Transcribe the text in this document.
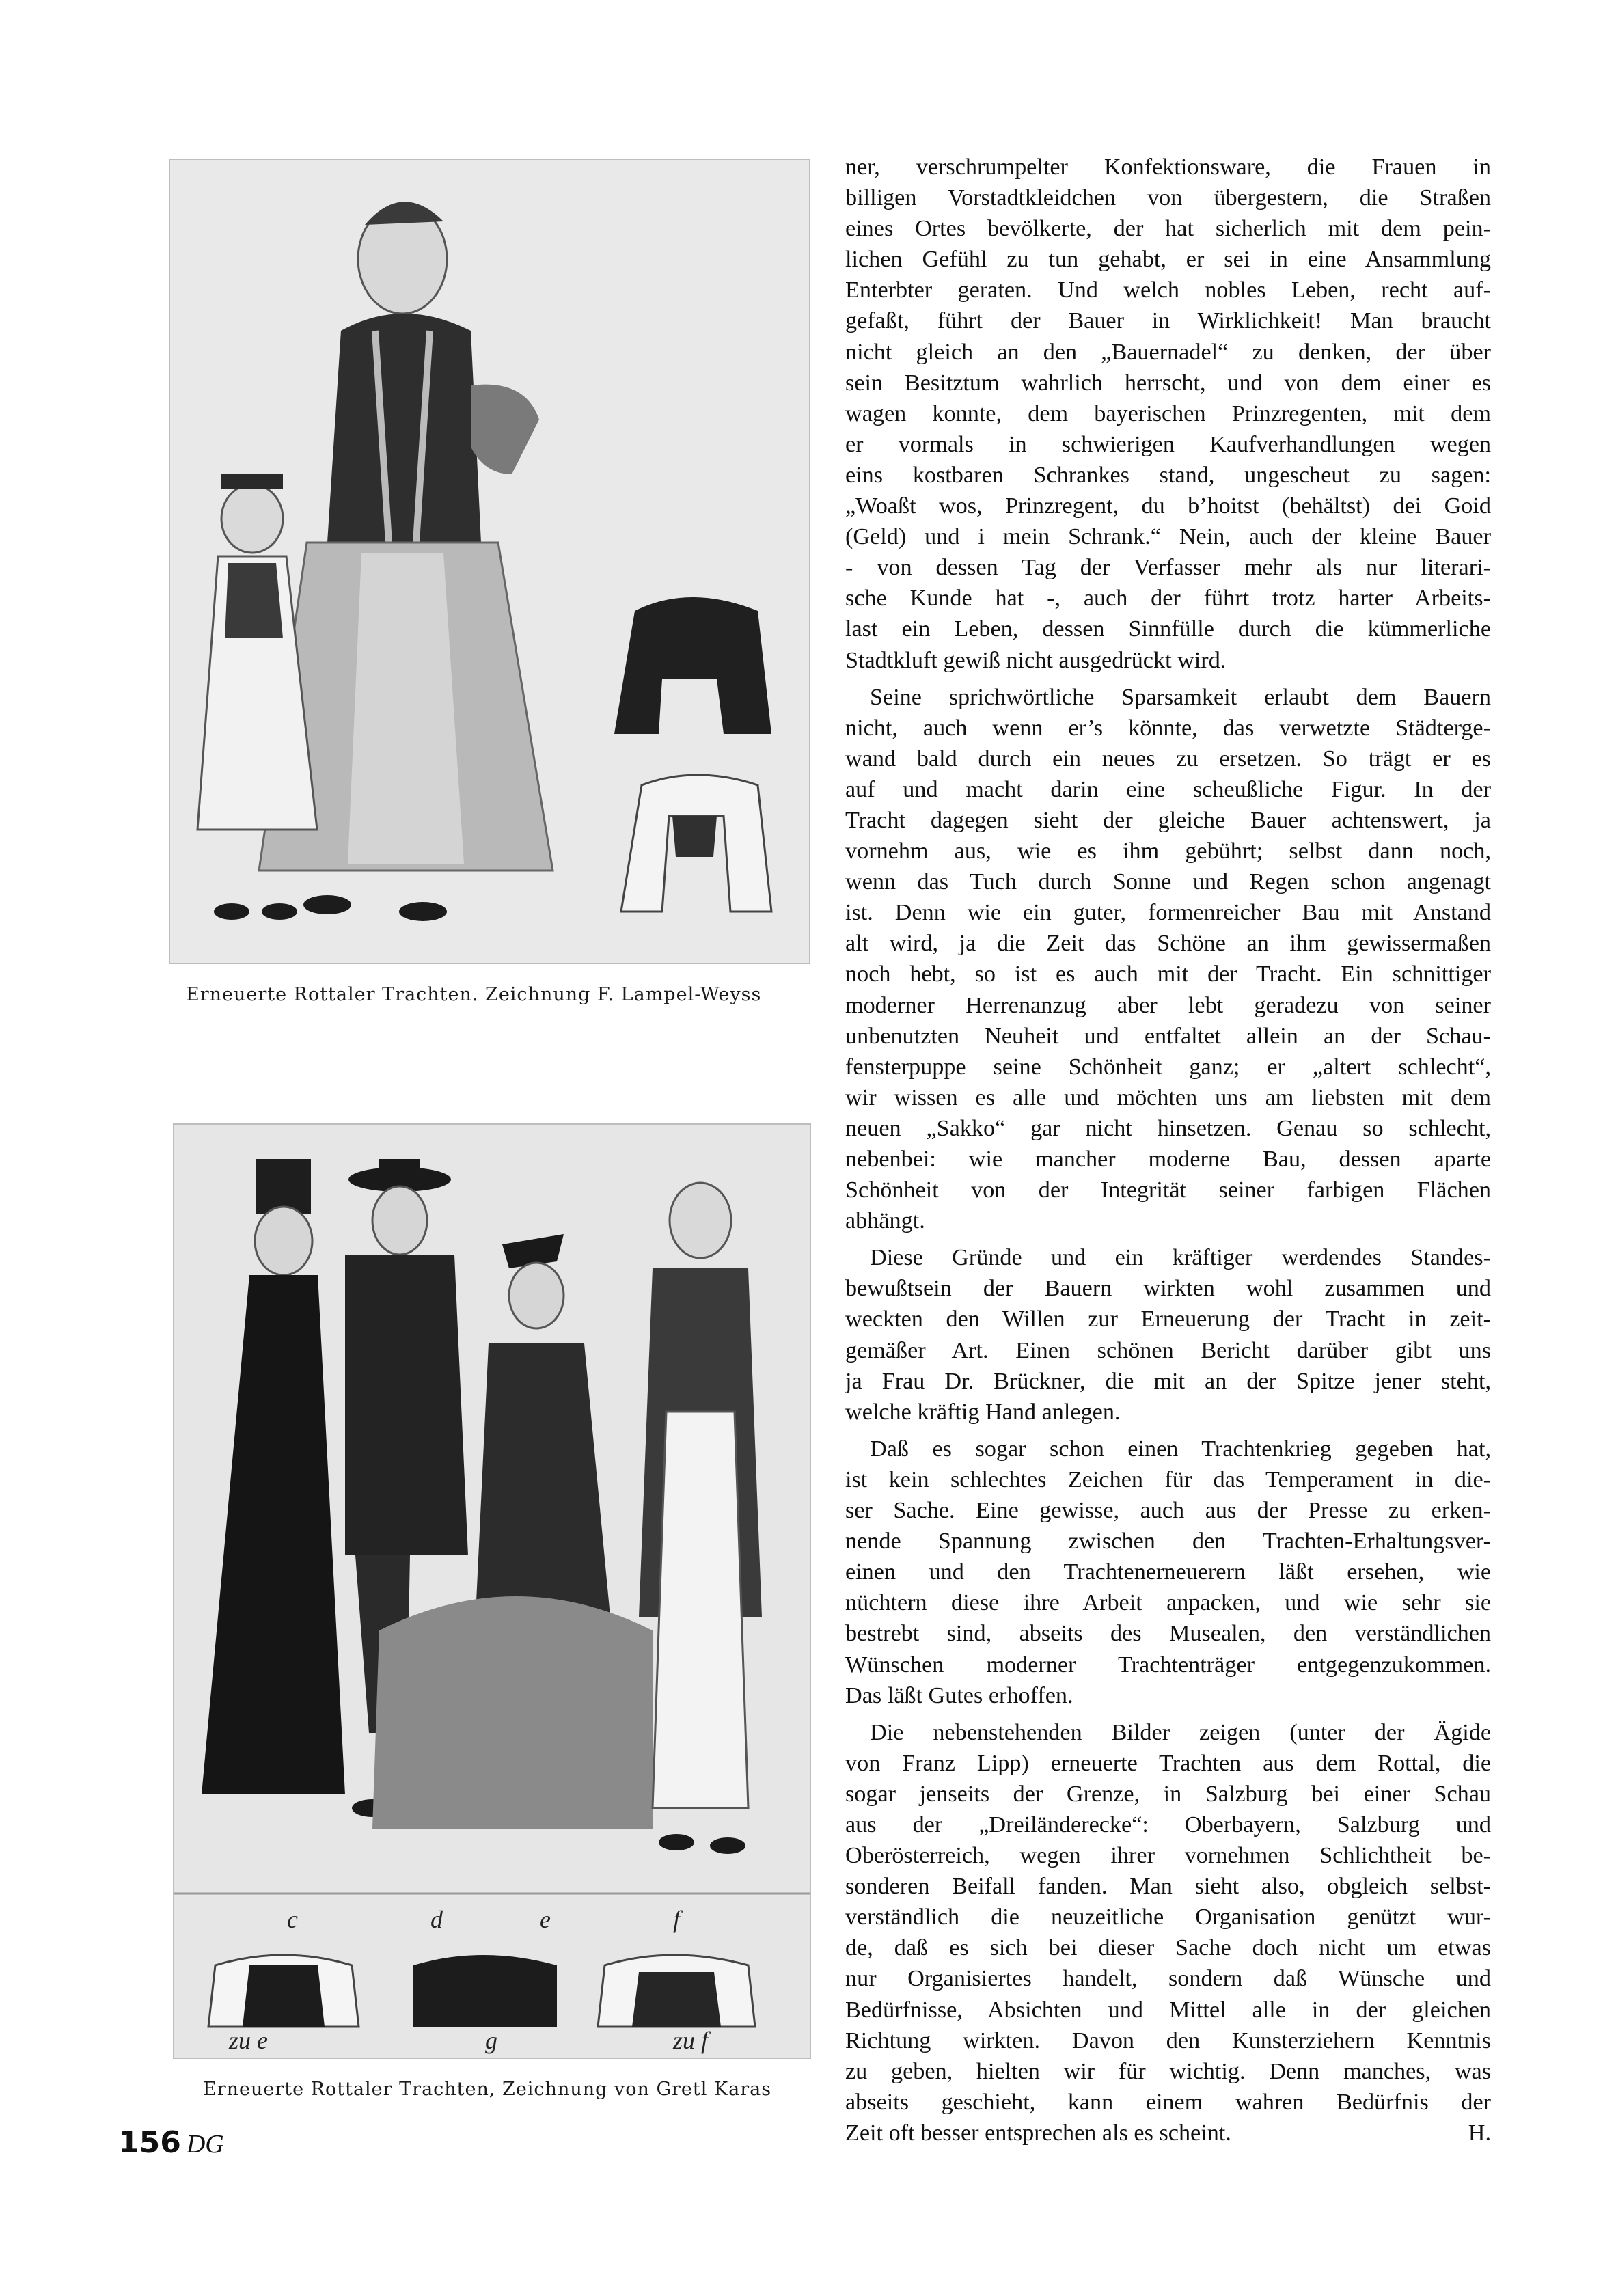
Erneuerte Rottaler Trachten. Zeichnung F. Lampel-Weyss
c	d	e	f
zu e	g	zu f
Erneuerte Rottaler Trachten, Zeichnung von Gretl Karas

ner, verschrumpelter Konfektionsware, die Frauen in
billigen Vorstadtkleidchen von übergestern, die Straßen
eines Ortes bevölkerte, der hat sicherlich mit dem pein-
lichen Gefühl zu tun gehabt, er sei in eine Ansammlung
Enterbter geraten. Und welch nobles Leben, recht auf-
gefaßt, führt der Bauer in Wirklichkeit! Man braucht
nicht gleich an den „Bauernadel“ zu denken, der über
sein Besitztum wahrlich herrscht, und von dem einer es
wagen konnte, dem bayerischen Prinzregenten, mit dem
er vormals in schwierigen Kaufverhandlungen wegen
eins kostbaren Schrankes stand, ungescheut zu sagen:
„Woaßt wos, Prinzregent, du b’hoitst (behältst) dei Goid
(Geld) und i mein Schrank.“ Nein, auch der kleine Bauer
- von dessen Tag der Verfasser mehr als nur literari-
sche Kunde hat -, auch der führt trotz harter Arbeits-
last ein Leben, dessen Sinnfülle durch die kümmerliche
Stadtkluft gewiß nicht ausgedrückt wird.

Seine sprichwörtliche Sparsamkeit erlaubt dem Bauern
nicht, auch wenn er’s könnte, das verwetzte Städterge-
wand bald durch ein neues zu ersetzen. So trägt er es
auf und macht darin eine scheußliche Figur. In der
Tracht dagegen sieht der gleiche Bauer achtenswert, ja
vornehm aus, wie es ihm gebührt; selbst dann noch,
wenn das Tuch durch Sonne und Regen schon angenagt
ist. Denn wie ein guter, formenreicher Bau mit Anstand
alt wird, ja die Zeit das Schöne an ihm gewissermaßen
noch hebt, so ist es auch mit der Tracht. Ein schnittiger
moderner Herrenanzug aber lebt geradezu von seiner
unbenutzten Neuheit und entfaltet allein an der Schau-
fensterpuppe seine Schönheit ganz; er „altert schlecht“,
wir wissen es alle und möchten uns am liebsten mit dem
neuen „Sakko“ gar nicht hinsetzen. Genau so schlecht,
nebenbei: wie mancher moderne Bau, dessen aparte
Schönheit von der Integrität seiner farbigen Flächen
abhängt.

Diese Gründe und ein kräftiger werdendes Standes-
bewußtsein der Bauern wirkten wohl zusammen und
weckten den Willen zur Erneuerung der Tracht in zeit-
gemäßer Art. Einen schönen Bericht darüber gibt uns
ja Frau Dr. Brückner, die mit an der Spitze jener steht,
welche kräftig Hand anlegen.

Daß es sogar schon einen Trachtenkrieg gegeben hat,
ist kein schlechtes Zeichen für das Temperament in die-
ser Sache. Eine gewisse, auch aus der Presse zu erken-
nende Spannung zwischen den Trachten-Erhaltungsver-
einen und den Trachtenerneuerern läßt ersehen, wie
nüchtern diese ihre Arbeit anpacken, und wie sehr sie
bestrebt sind, abseits des Musealen, den verständlichen
Wünschen moderner Trachtenträger entgegenzukommen.
Das läßt Gutes erhoffen.

Die nebenstehenden Bilder zeigen (unter der Ägide
von Franz Lipp) erneuerte Trachten aus dem Rottal, die
sogar jenseits der Grenze, in Salzburg bei einer Schau
aus der „Dreiländerecke“: Oberbayern, Salzburg und
Oberösterreich, wegen ihrer vornehmen Schlichtheit be-
sonderen Beifall fanden. Man sieht also, obgleich selbst-
verständlich die neuzeitliche Organisation genützt wur-
de, daß es sich bei dieser Sache doch nicht um etwas
nur Organisiertes handelt, sondern daß Wünsche und
Bedürfnisse, Absichten und Mittel alle in der gleichen
Richtung wirkten. Davon den Kunsterziehern Kenntnis
zu geben, hielten wir für wichtig. Denn manches, was
abseits geschieht, kann einem wahren Bedürfnis der
Zeit oft besser entsprechen als es scheint.	H.

156 DG
